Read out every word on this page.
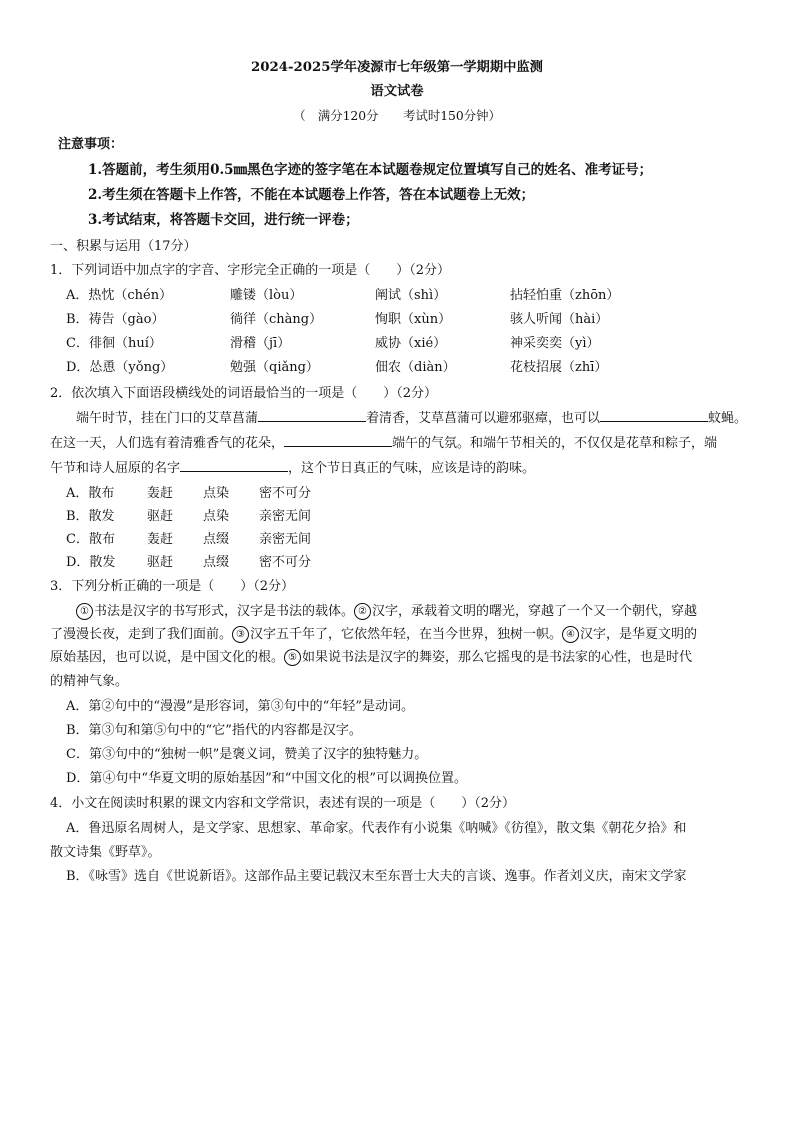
2024-2025学年凌源市七年级第一学期期中监测
语文试卷
（　满分120分　　考试时150分钟）
注意事项：
1.答题前，考生须用0.5㎜黑色字迹的签字笔在本试题卷规定位置填写自己的姓名、准考证号；
2.考生须在答题卡上作答，不能在本试题卷上作答，答在本试题卷上无效；
3.考试结束，将答题卡交回，进行统一评卷；
一、积累与运用（17分）
1．下列词语中加点字的字音、字形完全正确的一项是（　　）（2分）
A．热忱（chén）	雕镂（lòu）	阐试（shì）	拈轻怕重（zhōn）
B．祷告（gào）	徜徉（chàng）	恂职（xùn）	骇人听闻（hài）
C．徘徊（huí）	滑稽（jī）	威协（xié）	神采奕奕（yì）
D．怂恿（yǒng）	勉强（qiǎng）	佃农（diàn）	花枝招展（zhī）
2．依次填入下面语段横线处的词语最恰当的一项是（　　）（2分）
端午时节，挂在门口的艾草菖蒲	着清香，艾草菖蒲可以避邪驱瘴，也可以	蚊蝇。
在这一天，人们选有着清雅香气的花朵，	端午的气氛。和端午节相关的，不仅仅是花草和粽子，端
午节和诗人屈原的名字	，这个节日真正的气味，应该是诗的韵味。
A．散布	轰赶 点染 密不可分
B．散发 驱赶 点染 亲密无间
C．散布 轰赶 点缀 亲密无间
D．散发 驱赶 点缀 密不可分
3．下列分析正确的一项是（　　）（2分）
① 书法是汉字的书写形式，汉字是书法的载体。 ② 汉字，承载着文明的曙光，穿越了一个又一个朝代，穿越
了漫漫长夜，走到了我们面前。 ③ 汉字五千年了，它依然年轻，在当今世界，独树一帜。 ④ 汉字，是华夏文明的
原始基因，也可以说，是中国文化的根。 ⑤ 如果说书法是汉字的舞姿，那么它摇曳的是书法家的心性，也是时代
的精神气象。
A．第②句中的“漫漫”是形容词，第③句中的“年轻”是动词。
B．第③句和第⑤句中的“它”指代的内容都是汉字。
C．第③句中的“独树一帜”是褒义词，赞美了汉字的独特魅力。
D．第④句中“华夏文明的原始基因”和“中国文化的根”可以调换位置。
4．小文在阅读时积累的课文内容和文学常识，表述有误的一项是（　　）（2分）
A．鲁迅原名周树人，是文学家、思想家、革命家。代表作有小说集《呐喊》《彷徨》，散文集《朝花夕拾》和
散文诗集《野草》。
B．《咏雪》选自《世说新语》。这部作品主要记载汉末至东晋士大夫的言谈、逸事。作者刘义庆，南宋文学家
